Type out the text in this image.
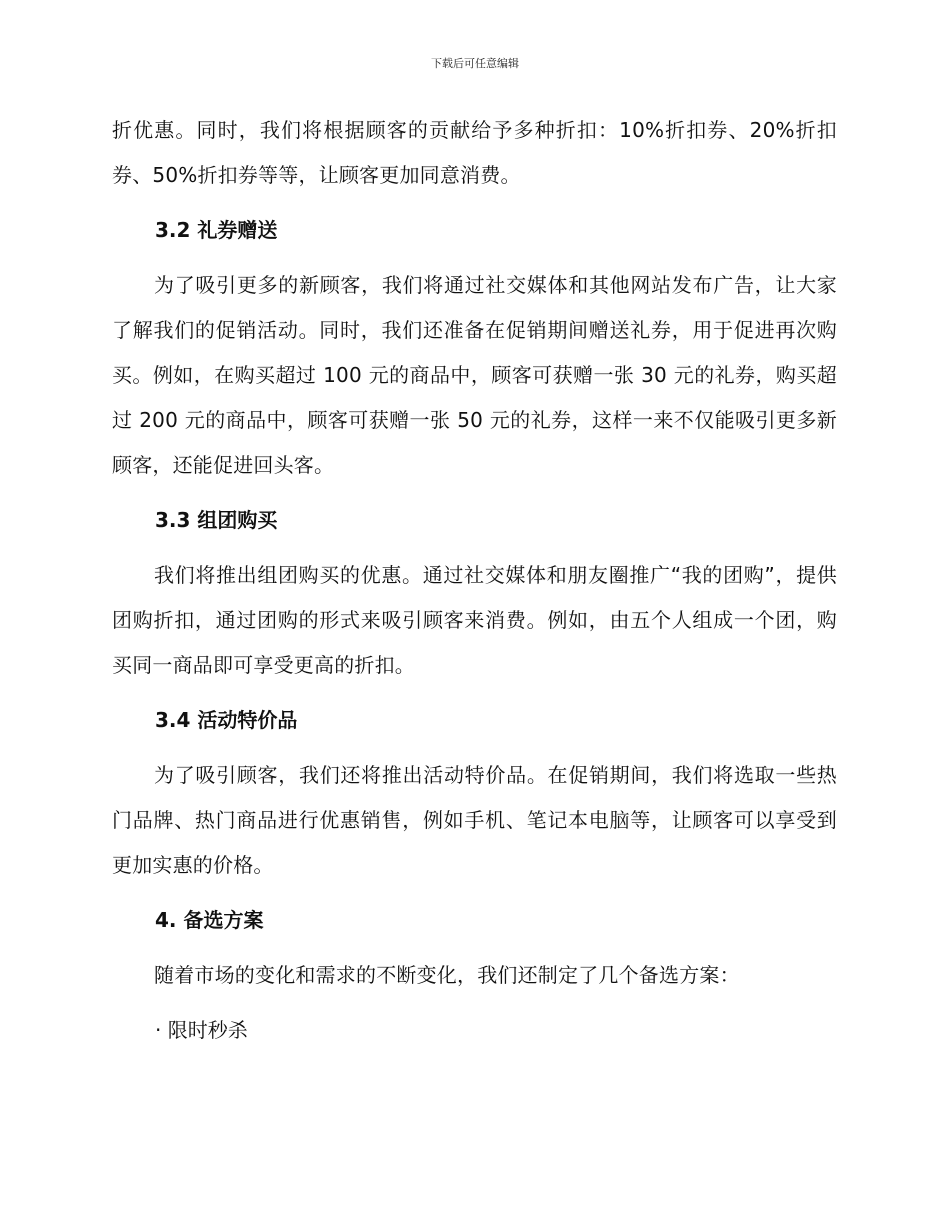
下载后可任意编辑

折优惠。同时，我们将根据顾客的贡献给予多种折扣：10%折扣券、20%折扣券、50%折扣券等等，让顾客更加同意消费。

3.2 礼券赠送

为了吸引更多的新顾客，我们将通过社交媒体和其他网站发布广告，让大家了解我们的促销活动。同时，我们还准备在促销期间赠送礼券，用于促进再次购买。例如，在购买超过 100 元的商品中，顾客可获赠一张 30 元的礼券，购买超过 200 元的商品中，顾客可获赠一张 50 元的礼券，这样一来不仅能吸引更多新顾客，还能促进回头客。

3.3 组团购买

我们将推出组团购买的优惠。通过社交媒体和朋友圈推广“我的团购”，提供团购折扣，通过团购的形式来吸引顾客来消费。例如，由五个人组成一个团，购买同一商品即可享受更高的折扣。

3.4 活动特价品

为了吸引顾客，我们还将推出活动特价品。在促销期间，我们将选取一些热门品牌、热门商品进行优惠销售，例如手机、笔记本电脑等，让顾客可以享受到更加实惠的价格。

4. 备选方案

随着市场的变化和需求的不断变化，我们还制定了几个备选方案：

· 限时秒杀
